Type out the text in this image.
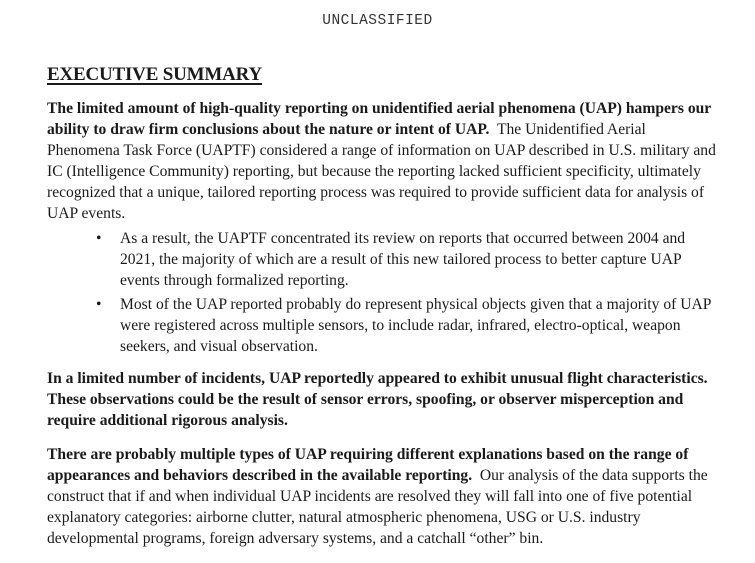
UNCLASSIFIED
EXECUTIVE SUMMARY

The limited amount of high-quality reporting on unidentified aerial phenomena (UAP) hampers our ability to draw firm conclusions about the nature or intent of UAP. The Unidentified Aerial Phenomena Task Force (UAPTF) considered a range of information on UAP described in U.S. military and IC (Intelligence Community) reporting, but because the reporting lacked sufficient specificity, ultimately recognized that a unique, tailored reporting process was required to provide sufficient data for analysis of UAP events.

• As a result, the UAPTF concentrated its review on reports that occurred between 2004 and 2021, the majority of which are a result of this new tailored process to better capture UAP events through formalized reporting.
• Most of the UAP reported probably do represent physical objects given that a majority of UAP were registered across multiple sensors, to include radar, infrared, electro-optical, weapon seekers, and visual observation.

In a limited number of incidents, UAP reportedly appeared to exhibit unusual flight characteristics. These observations could be the result of sensor errors, spoofing, or observer misperception and require additional rigorous analysis.

There are probably multiple types of UAP requiring different explanations based on the range of appearances and behaviors described in the available reporting. Our analysis of the data supports the construct that if and when individual UAP incidents are resolved they will fall into one of five potential explanatory categories: airborne clutter, natural atmospheric phenomena, USG or U.S. industry developmental programs, foreign adversary systems, and a catchall “other” bin.
